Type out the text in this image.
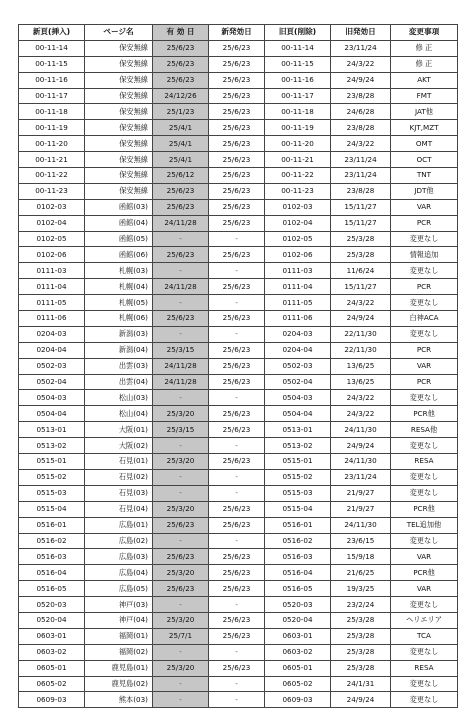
新頁(挿入)	ページ名	有 効 日	新発効日	旧頁(削除)	旧発効日	変更事項
00-11-14	保安無線	25/6/23	25/6/23	00-11-14	23/11/24	修 正
00-11-15	保安無線	25/6/23	25/6/23	00-11-15	24/3/22	修 正
00-11-16	保安無線	25/6/23	25/6/23	00-11-16	24/9/24	AKT
00-11-17	保安無線	24/12/26	25/6/23	00-11-17	23/8/28	FMT
00-11-18	保安無線	25/1/23	25/6/23	00-11-18	24/6/28	JAT他
00-11-19	保安無線	25/4/1	25/6/23	00-11-19	23/8/28	KJT,MZT
00-11-20	保安無線	25/4/1	25/6/23	00-11-20	24/3/22	OMT
00-11-21	保安無線	25/4/1	25/6/23	00-11-21	23/11/24	OCT
00-11-22	保安無線	25/6/12	25/6/23	00-11-22	23/11/24	TNT
00-11-23	保安無線	25/6/23	25/6/23	00-11-23	23/8/28	JDT他
0102-03	函館(03)	25/6/23	25/6/23	0102-03	15/11/27	VAR
0102-04	函館(04)	24/11/28	25/6/23	0102-04	15/11/27	PCR
0102-05	函館(05)	-	-	0102-05	25/3/28	変更なし
0102-06	函館(06)	25/6/23	25/6/23	0102-06	25/3/28	情報追加
0111-03	札幌(03)	-	-	0111-03	11/6/24	変更なし
0111-04	札幌(04)	24/11/28	25/6/23	0111-04	15/11/27	PCR
0111-05	札幌(05)	-	-	0111-05	24/3/22	変更なし
0111-06	札幌(06)	25/6/23	25/6/23	0111-06	24/9/24	白神ACA
0204-03	新潟(03)	-	-	0204-03	22/11/30	変更なし
0204-04	新潟(04)	25/3/15	25/6/23	0204-04	22/11/30	PCR
0502-03	出雲(03)	24/11/28	25/6/23	0502-03	13/6/25	VAR
0502-04	出雲(04)	24/11/28	25/6/23	0502-04	13/6/25	PCR
0504-03	松山(03)	-	-	0504-03	24/3/22	変更なし
0504-04	松山(04)	25/3/20	25/6/23	0504-04	24/3/22	PCR他
0513-01	大阪(01)	25/3/15	25/6/23	0513-01	24/11/30	RESA他
0513-02	大阪(02)	-	-	0513-02	24/9/24	変更なし
0515-01	石見(01)	25/3/20	25/6/23	0515-01	24/11/30	RESA
0515-02	石見(02)	-	-	0515-02	23/11/24	変更なし
0515-03	石見(03)	-	-	0515-03	21/9/27	変更なし
0515-04	石見(04)	25/3/20	25/6/23	0515-04	21/9/27	PCR他
0516-01	広島(01)	25/6/23	25/6/23	0516-01	24/11/30	TEL追加他
0516-02	広島(02)	-	-	0516-02	23/6/15	変更なし
0516-03	広島(03)	25/6/23	25/6/23	0516-03	15/9/18	VAR
0516-04	広島(04)	25/3/20	25/6/23	0516-04	21/6/25	PCR他
0516-05	広島(05)	25/6/23	25/6/23	0516-05	19/3/25	VAR
0520-03	神戸(03)	-	-	0520-03	23/2/24	変更なし
0520-04	神戸(04)	25/3/20	25/6/23	0520-04	25/3/28	ヘリエリア
0603-01	福岡(01)	25/7/1	25/6/23	0603-01	25/3/28	TCA
0603-02	福岡(02)	-	-	0603-02	25/3/28	変更なし
0605-01	鹿児島(01)	25/3/20	25/6/23	0605-01	25/3/28	RESA
0605-02	鹿児島(02)	-	-	0605-02	24/1/31	変更なし
0609-03	熊本(03)	-	-	0609-03	24/9/24	変更なし
